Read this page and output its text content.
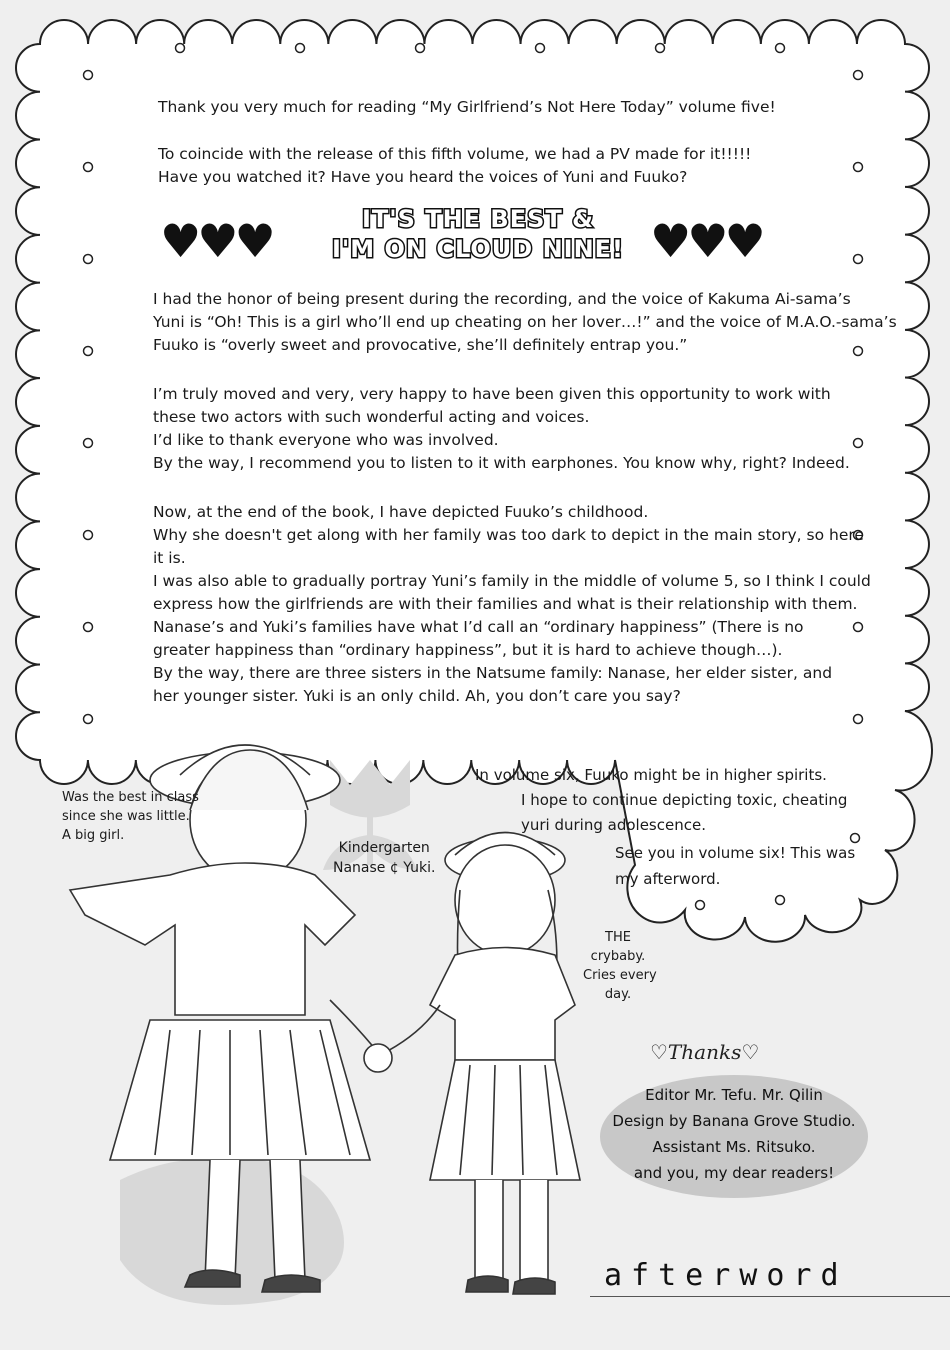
Thank you very much for reading “My Girlfriend’s Not Here Today” volume five!

To coincide with the release of this fifth volume, we had a PV made for it!!!!!

Have you watched it? Have you heard the voices of Yuni and Fuuko?

♥♥♥	♥♥♥
IT'S THE BEST &
I'M ON CLOUD NINE!

I had the honor of being present during the recording, and the voice of Kakuma Ai-sama’s

Yuni is “Oh! This is a girl who’ll end up cheating on her lover…!” and the voice of M.A.O.-sama’s

Fuuko is “overly sweet and provocative, she’ll definitely entrap you.”

I’m truly moved and very, very happy to have been given this opportunity to work with

these two actors with such wonderful acting and voices.

I’d like to thank everyone who was involved.

By the way, I recommend you to listen to it with earphones. You know why, right? Indeed.

Now, at the end of the book, I have depicted Fuuko’s childhood.

Why she doesn't get along with her family was too dark to depict in the main story, so here

it is.

I was also able to gradually portray Yuni’s family in the middle of volume 5, so I think I could

express how the girlfriends are with their families and what is their relationship with them.

Nanase’s and Yuki’s families have what I’d call an “ordinary happiness” (There is no

greater happiness than “ordinary happiness”, but it is hard to achieve though…).

By the way, there are three sisters in the Natsume family: Nanase, her elder sister, and

her younger sister. Yuki is an only child. Ah, you don’t care you say?

Was the best in class
since she was little.
A big girl.
Kindergarten
Nanase ¢ Yuki.
THE
crybaby.
Cries every
day.
In volume six, Fuuko might be in higher spirits.
I hope to continue depicting toxic, cheating
yuri during adolescence.
See you in volume six! This was
my afterword.
♡Thanks♡
Editor Mr. Tefu. Mr. Qilin
Design by Banana Grove Studio.
Assistant Ms. Ritsuko.
and you, my dear readers!
afterword
